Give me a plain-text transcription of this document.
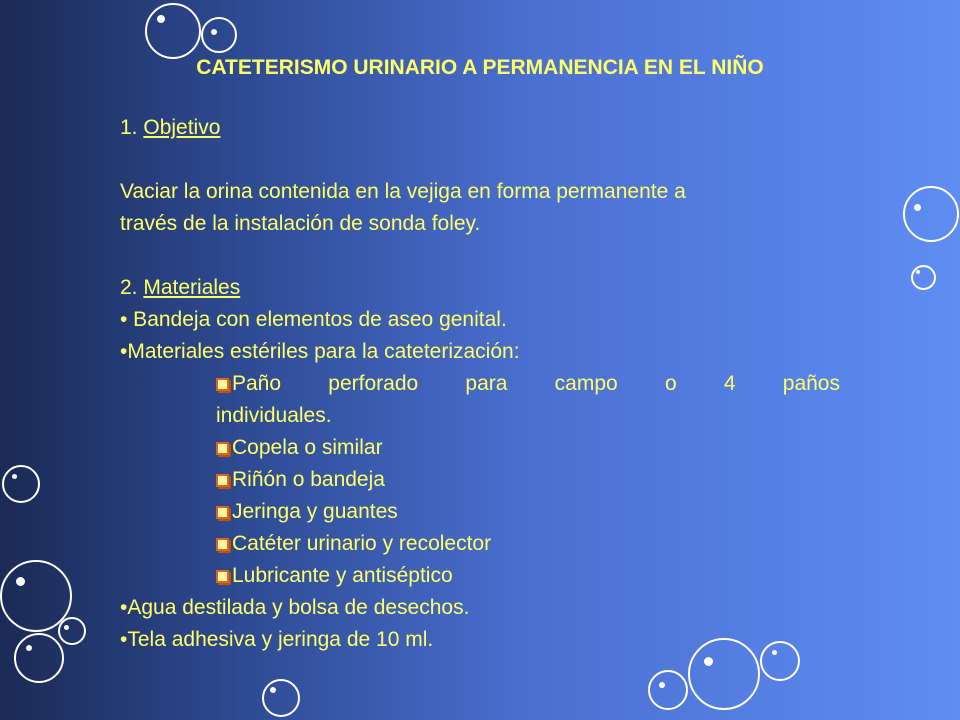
CATETERISMO URINARIO A PERMANENCIA EN EL NIÑO

1. Objetivo

Vaciar la orina contenida en la vejiga en forma permanente a

través de la instalación de sonda foley.

2. Materiales

• Bandeja con elementos de aseo genital.

•Materiales estériles para la cateterización:

Paño perforado para campo o 4 paños

individuales.

Copela o similar

Riñón o bandeja

Jeringa y guantes

Catéter urinario y recolector

Lubricante y antiséptico

•Agua destilada y bolsa de desechos.

•Tela adhesiva y jeringa de 10 ml.
